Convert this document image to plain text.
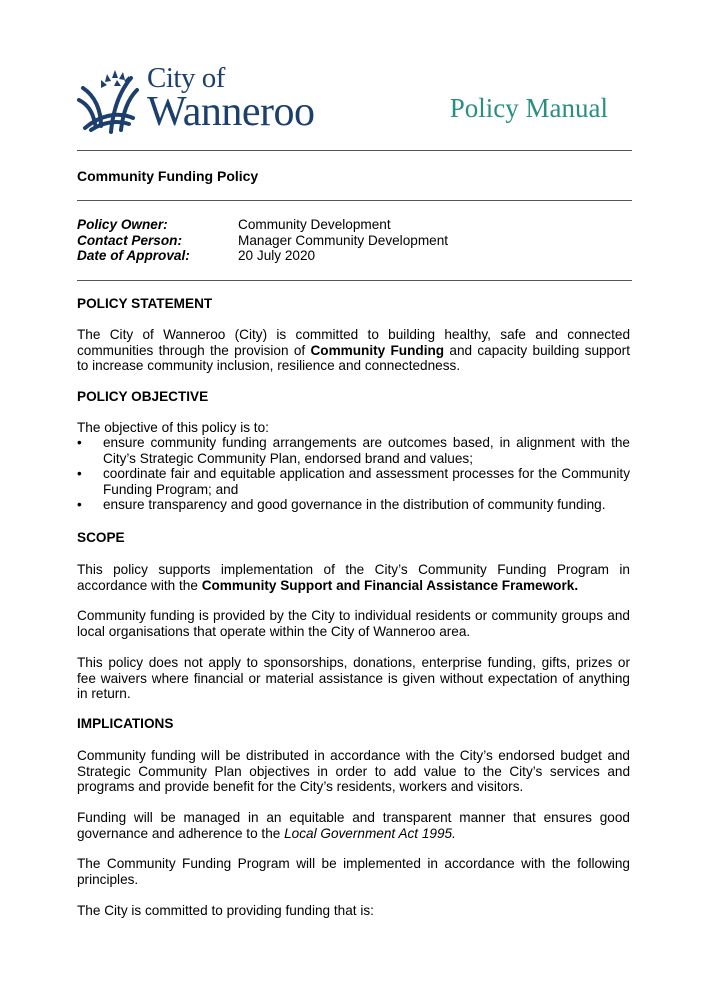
City of
Wanneroo	Policy Manual
Community Funding Policy
Policy Owner:	Community Development
Contact Person:	Manager Community Development
Date of Approval:	20 July 2020
POLICY STATEMENT
The City of Wanneroo (City) is committed to building healthy, safe and connected communities through the provision of Community Funding and capacity building support to increase community inclusion, resilience and connectedness.
POLICY OBJECTIVE
The objective of this policy is to:
• ensure community funding arrangements are outcomes based, in alignment with the City’s Strategic Community Plan, endorsed brand and values;
• coordinate fair and equitable application and assessment processes for the Community Funding Program; and
• ensure transparency and good governance in the distribution of community funding.
SCOPE
This policy supports implementation of the City’s Community Funding Program in accordance with the Community Support and Financial Assistance Framework.
Community funding is provided by the City to individual residents or community groups and local organisations that operate within the City of Wanneroo area.
This policy does not apply to sponsorships, donations, enterprise funding, gifts, prizes or fee waivers where financial or material assistance is given without expectation of anything in return.
IMPLICATIONS
Community funding will be distributed in accordance with the City’s endorsed budget and Strategic Community Plan objectives in order to add value to the City’s services and programs and provide benefit for the City’s residents, workers and visitors.
Funding will be managed in an equitable and transparent manner that ensures good governance and adherence to the Local Government Act 1995.
The Community Funding Program will be implemented in accordance with the following principles.
The City is committed to providing funding that is:
